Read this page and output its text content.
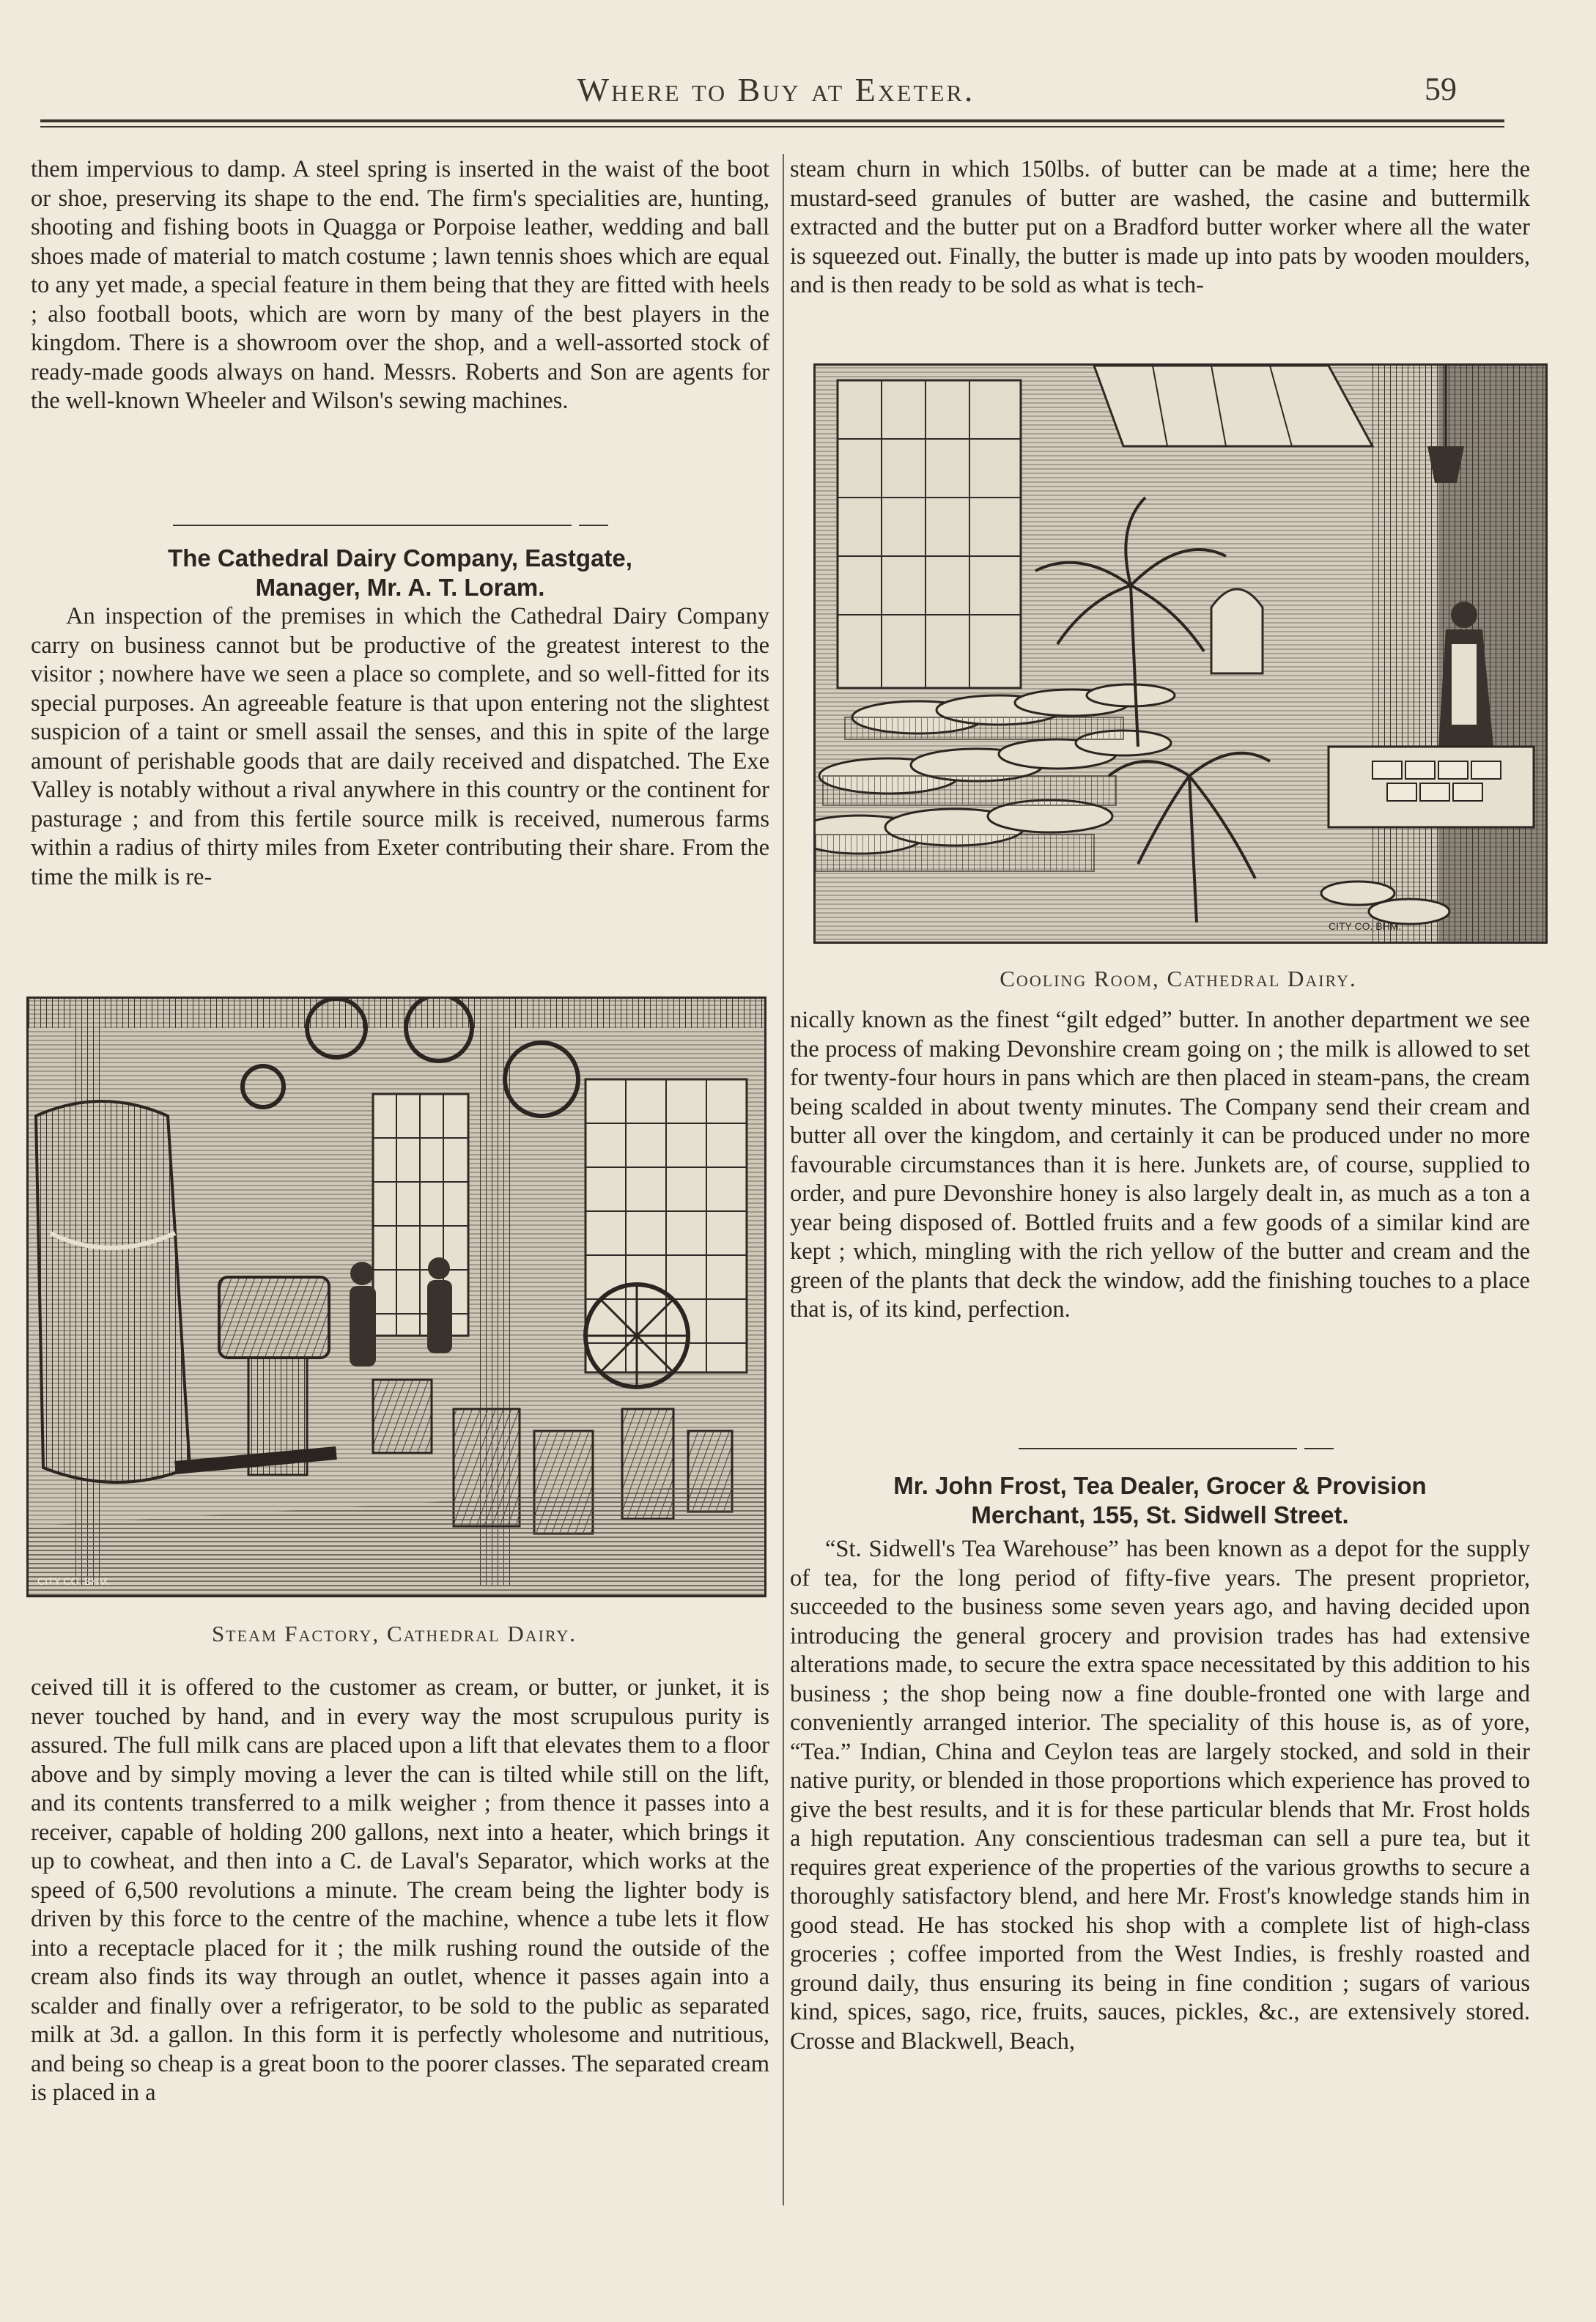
Where to Buy at Exeter.	59

them impervious to damp. A steel spring is inserted in the waist of the boot or shoe, preserving its shape to the end. The firm's specialities are, hunting, shooting and fishing boots in Quagga or Porpoise leather, wedding and ball shoes made of material to match costume ; lawn tennis shoes which are equal to any yet made, a special feature in them being that they are fitted with heels ; also football boots, which are worn by many of the best players in the kingdom. There is a showroom over the shop, and a well-assorted stock of ready-made goods always on hand. Messrs. Roberts and Son are agents for the well-known Wheeler and Wilson's sewing machines.

The Cathedral Dairy Company, Eastgate,
Manager, Mr. A. T. Loram.

An inspection of the premises in which the Cathedral Dairy Company carry on business cannot but be productive of the greatest interest to the visitor ; nowhere have we seen a place so complete, and so well-fitted for its special purposes. An agreeable feature is that upon entering not the slightest suspicion of a taint or smell assail the senses, and this in spite of the large amount of perishable goods that are daily received and dispatched. The Exe Valley is notably without a rival anywhere in this country or the continent for pasturage ; and from this fertile source milk is received, numerous farms within a radius of thirty miles from Exeter contributing their share. From the time the milk is re-

CITY CO. BHM.
Steam Factory, Cathedral Dairy.

ceived till it is offered to the customer as cream, or butter, or junket, it is never touched by hand, and in every way the most scrupulous purity is assured. The full milk cans are placed upon a lift that elevates them to a floor above and by simply moving a lever the can is tilted while still on the lift, and its contents transferred to a milk weigher ; from thence it passes into a receiver, capable of holding 200 gallons, next into a heater, which brings it up to cowheat, and then into a C. de Laval's Separator, which works at the speed of 6,500 revolutions a minute. The cream being the lighter body is driven by this force to the centre of the machine, whence a tube lets it flow into a receptacle placed for it ; the milk rushing round the outside of the cream also finds its way through an outlet, whence it passes again into a scalder and finally over a refrigerator, to be sold to the public as separated milk at 3d. a gallon. In this form it is perfectly wholesome and nutritious, and being so cheap is a great boon to the poorer classes. The separated cream is placed in a

steam churn in which 150lbs. of butter can be made at a time; here the mustard-seed granules of butter are washed, the casine and buttermilk extracted and the butter put on a Bradford butter worker where all the water is squeezed out. Finally, the butter is made up into pats by wooden moulders, and is then ready to be sold as what is tech-

CITY CO. BHM.
Cooling Room, Cathedral Dairy.

nically known as the finest “gilt edged” butter. In another department we see the process of making Devonshire cream going on ; the milk is allowed to set for twenty-four hours in pans which are then placed in steam-pans, the cream being scalded in about twenty minutes. The Company send their cream and butter all over the kingdom, and certainly it can be produced under no more favourable circumstances than it is here. Junkets are, of course, supplied to order, and pure Devonshire honey is also largely dealt in, as much as a ton a year being disposed of. Bottled fruits and a few goods of a similar kind are kept ; which, mingling with the rich yellow of the butter and cream and the green of the plants that deck the window, add the finishing touches to a place that is, of its kind, perfection.

Mr. John Frost, Tea Dealer, Grocer & Provision
Merchant, 155, St. Sidwell Street.

“St. Sidwell's Tea Warehouse” has been known as a depot for the supply of tea, for the long period of fifty-five years. The present proprietor, succeeded to the business some seven years ago, and having decided upon introducing the general grocery and provision trades has had extensive alterations made, to secure the extra space necessitated by this addition to his business ; the shop being now a fine double-fronted one with large and conveniently arranged interior. The speciality of this house is, as of yore, “Tea.” Indian, China and Ceylon teas are largely stocked, and sold in their native purity, or blended in those proportions which experience has proved to give the best results, and it is for these particular blends that Mr. Frost holds a high reputation. Any conscientious tradesman can sell a pure tea, but it requires great experience of the properties of the various growths to secure a thoroughly satisfactory blend, and here Mr. Frost's knowledge stands him in good stead. He has stocked his shop with a complete list of high-class groceries ; coffee imported from the West Indies, is freshly roasted and ground daily, thus ensuring its being in fine condition ; sugars of various kind, spices, sago, rice, fruits, sauces, pickles, &c., are extensively stored. Crosse and Blackwell, Beach,
